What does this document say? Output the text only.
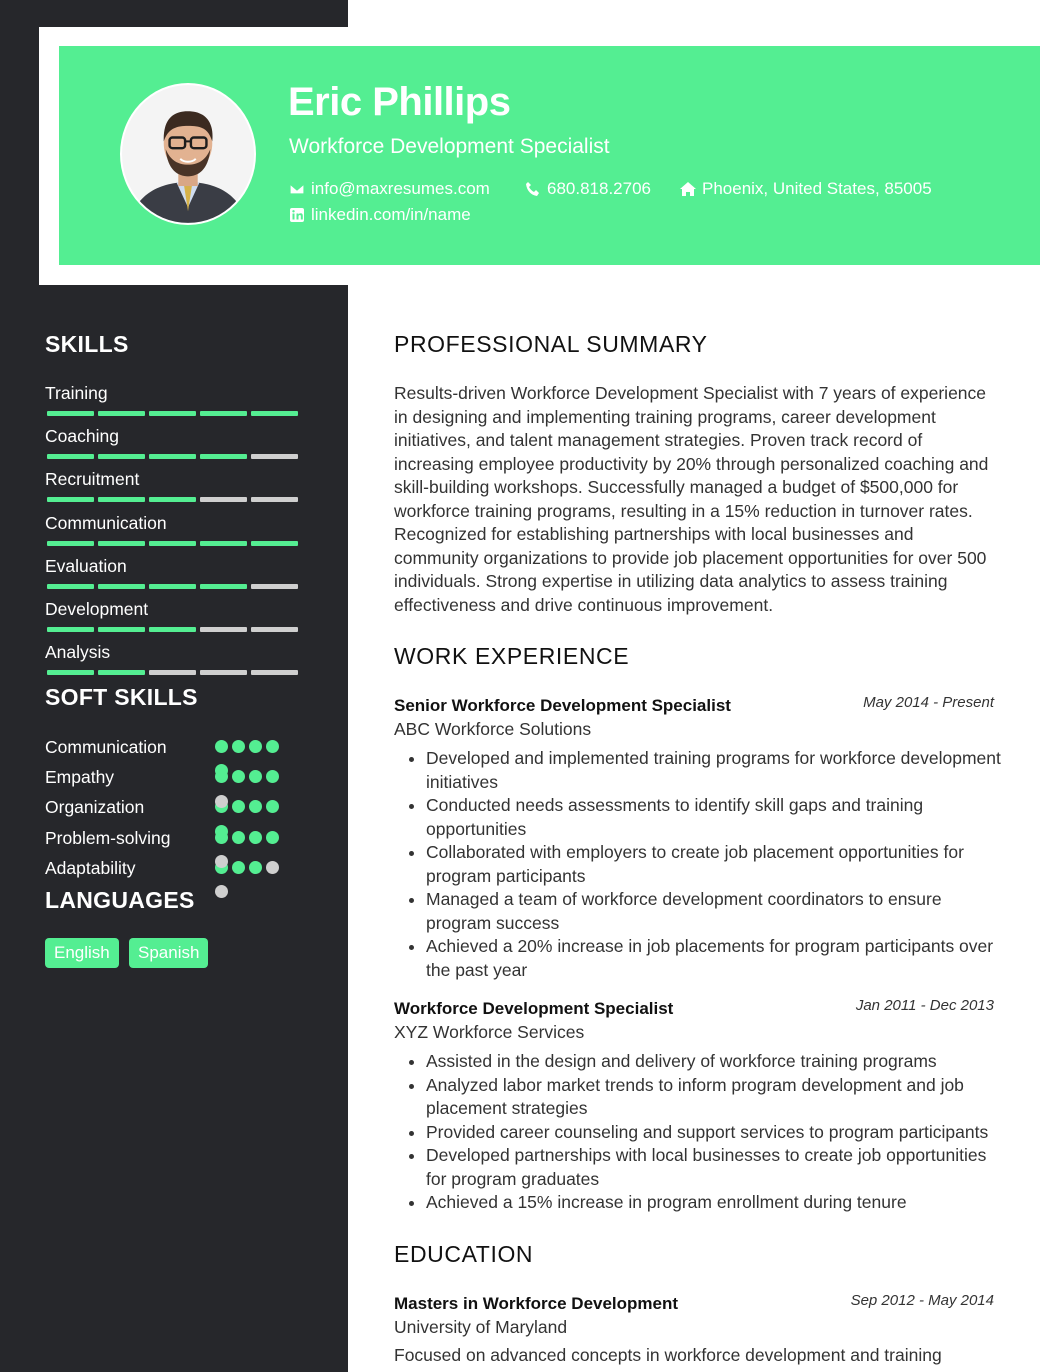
Eric Phillips
Workforce Development Specialist
info@maxresumes.com	680.818.2706	Phoenix, United States, 85005
linkedin.com/in/name
SKILLS
Training
Coaching
Recruitment
Communication
Evaluation
Development
Analysis
SOFT SKILLS
Communication
Empathy
Organization
Problem-solving
Adaptability
LANGUAGES
English	Spanish
PROFESSIONAL SUMMARY
Results-driven Workforce Development Specialist with 7 years of experience in designing and implementing training programs, career development initiatives, and talent management strategies. Proven track record of increasing employee productivity by 20% through personalized coaching and skill-building workshops. Successfully managed a budget of $500,000 for workforce training programs, resulting in a 15% reduction in turnover rates. Recognized for establishing partnerships with local businesses and community organizations to provide job placement opportunities for over 500 individuals. Strong expertise in utilizing data analytics to assess training effectiveness and drive continuous improvement.
WORK EXPERIENCE
Senior Workforce Development Specialist	May 2014 - Present
ABC Workforce Solutions
Developed and implemented training programs for workforce development initiatives
Conducted needs assessments to identify skill gaps and training opportunities
Collaborated with employers to create job placement opportunities for program participants
Managed a team of workforce development coordinators to ensure program success
Achieved a 20% increase in job placements for program participants over the past year
Workforce Development Specialist	Jan 2011 - Dec 2013
XYZ Workforce Services
Assisted in the design and delivery of workforce training programs
Analyzed labor market trends to inform program development and job placement strategies
Provided career counseling and support services to program participants
Developed partnerships with local businesses to create job opportunities for program graduates
Achieved a 15% increase in program enrollment during tenure
EDUCATION
Masters in Workforce Development	Sep 2012 - May 2014
University of Maryland
Focused on advanced concepts in workforce development and training
